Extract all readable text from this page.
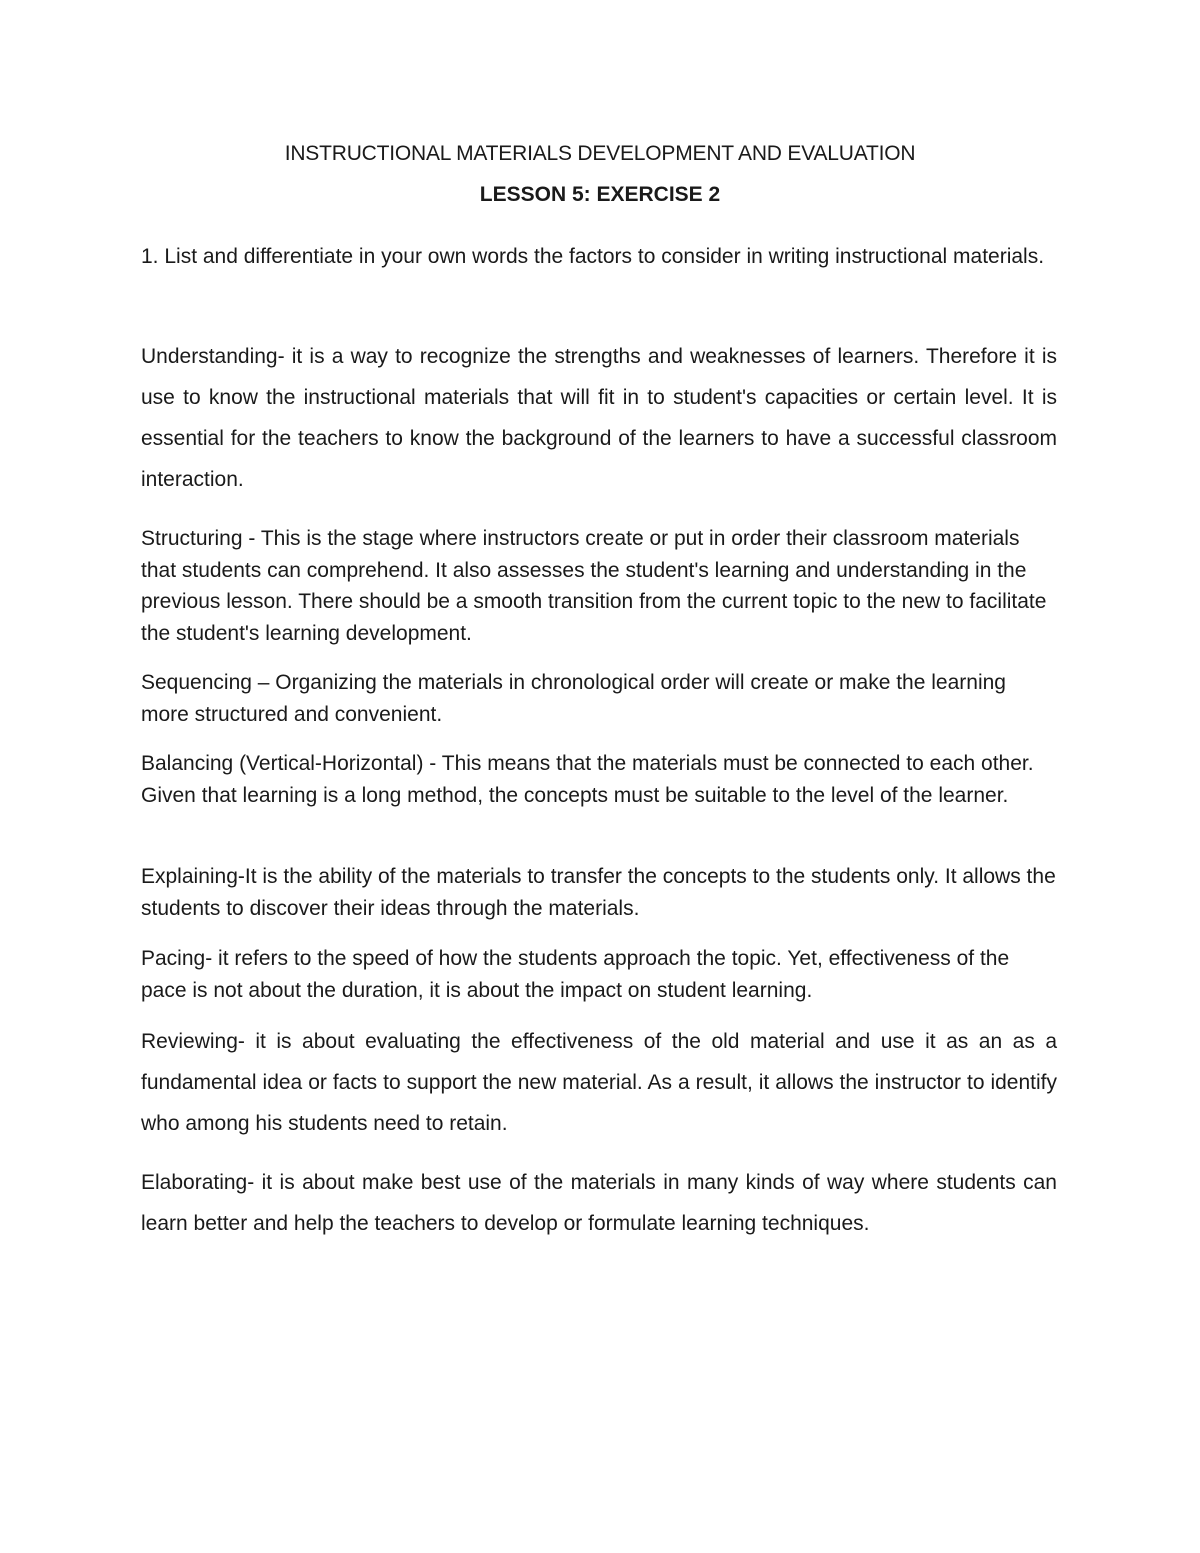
INSTRUCTIONAL MATERIALS DEVELOPMENT AND EVALUATION
LESSON 5: EXERCISE 2

1. List and differentiate in your own words the factors to consider in writing instructional materials.

Understanding- it is a way to recognize the strengths and weaknesses of learners. Therefore it is use to know the instructional materials that will fit in to student's capacities or certain level. It is essential for the teachers to know the background of the learners to have a successful classroom interaction.

Structuring - This is the stage where instructors create or put in order their classroom materials that students can comprehend. It also assesses the student's learning and understanding in the previous lesson. There should be a smooth transition from the current topic to the new to facilitate the student's learning development.

Sequencing – Organizing the materials in chronological order will create or make the learning more structured and convenient.

Balancing (Vertical-Horizontal) - This means that the materials must be connected to each other. Given that learning is a long method, the concepts must be suitable to the level of the learner.

Explaining-It is the ability of the materials to transfer the concepts to the students only. It allows the students to discover their ideas through the materials.

Pacing- it refers to the speed of how the students approach the topic. Yet, effectiveness of the pace is not about the duration, it is about the impact on student learning.

Reviewing- it is about evaluating the effectiveness of the old material and use it as an as a fundamental idea or facts to support the new material. As a result, it allows the instructor to identify who among his students need to retain.

Elaborating- it is about make best use of the materials in many kinds of way where students can learn better and help the teachers to develop or formulate learning techniques.
